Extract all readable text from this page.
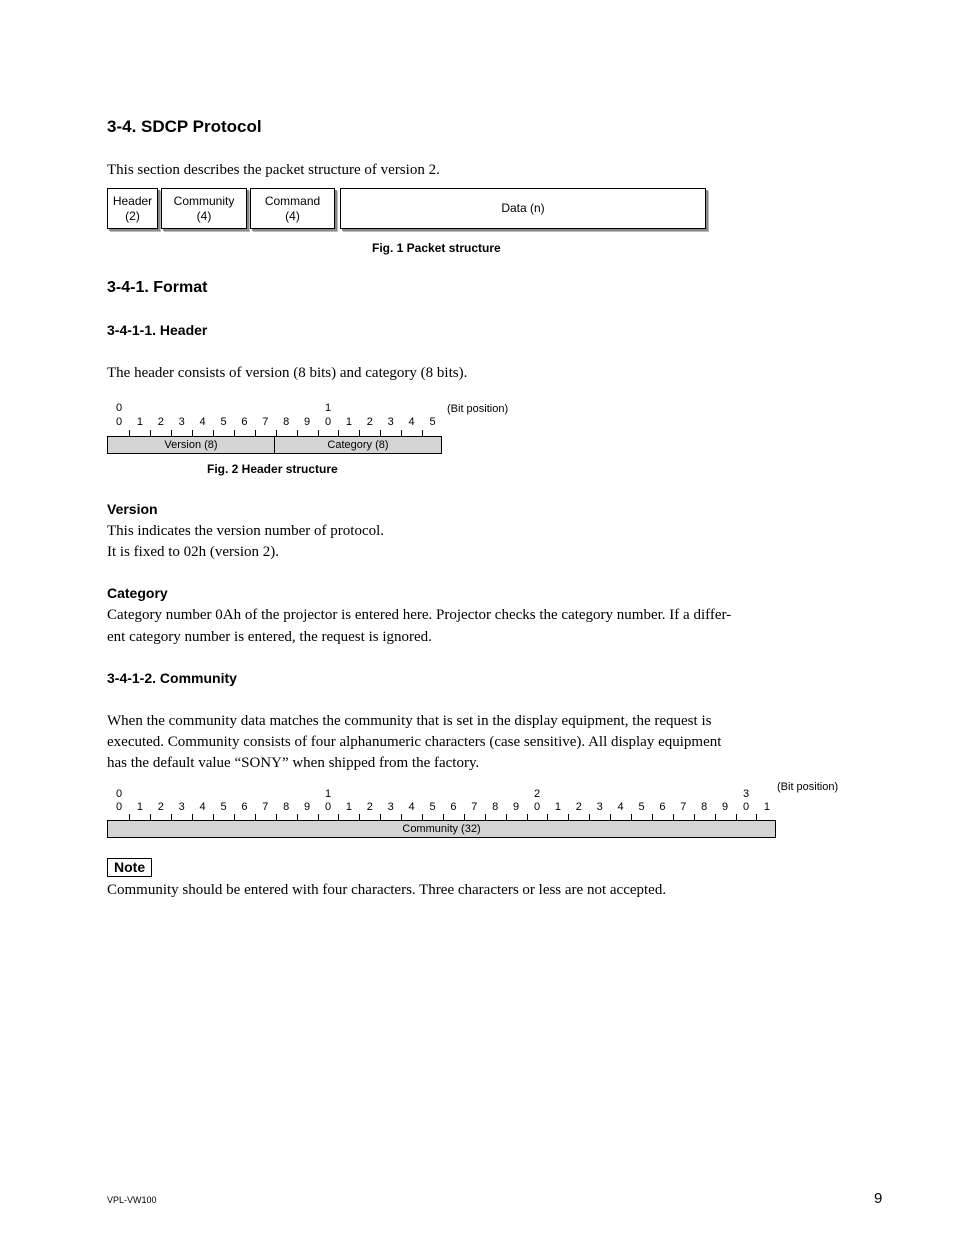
3-4. SDCP Protocol
This section describes the packet structure of version 2.
Header
(2)
Community
(4)
Command
(4)
Data (n)
Fig. 1 Packet structure
3-4-1. Format
3-4-1-1. Header
The header consists of version (8 bits) and category (8 bits).
(Bit position)
Version (8)	Category (8)
0 1 2 3 4 5 6 7 8 9 0 1 2 3 4 5
0	1
Fig. 2 Header structure
Version
This indicates the version number of protocol.
It is fixed to 02h (version 2).
Category
Category number 0Ah of the projector is entered here. Projector checks the category number. If a differ-
ent category number is entered, the request is ignored.
3-4-1-2. Community
When the community data matches the community that is set in the display equipment, the request is
executed. Community consists of four alphanumeric characters (case sensitive). All display equipment
has the default value “SONY” when shipped from the factory.
(Bit position)
Community (32)
0 1 2 3 4 5 6 7 8 9 0 1 2 3 4 5 6 7 8 9 0 1 2 3 4 5 6 7 8 9 0 1
0	1	2	3
Note
Community should be entered with four characters. Three characters or less are not accepted.
VPL-VW100	9
